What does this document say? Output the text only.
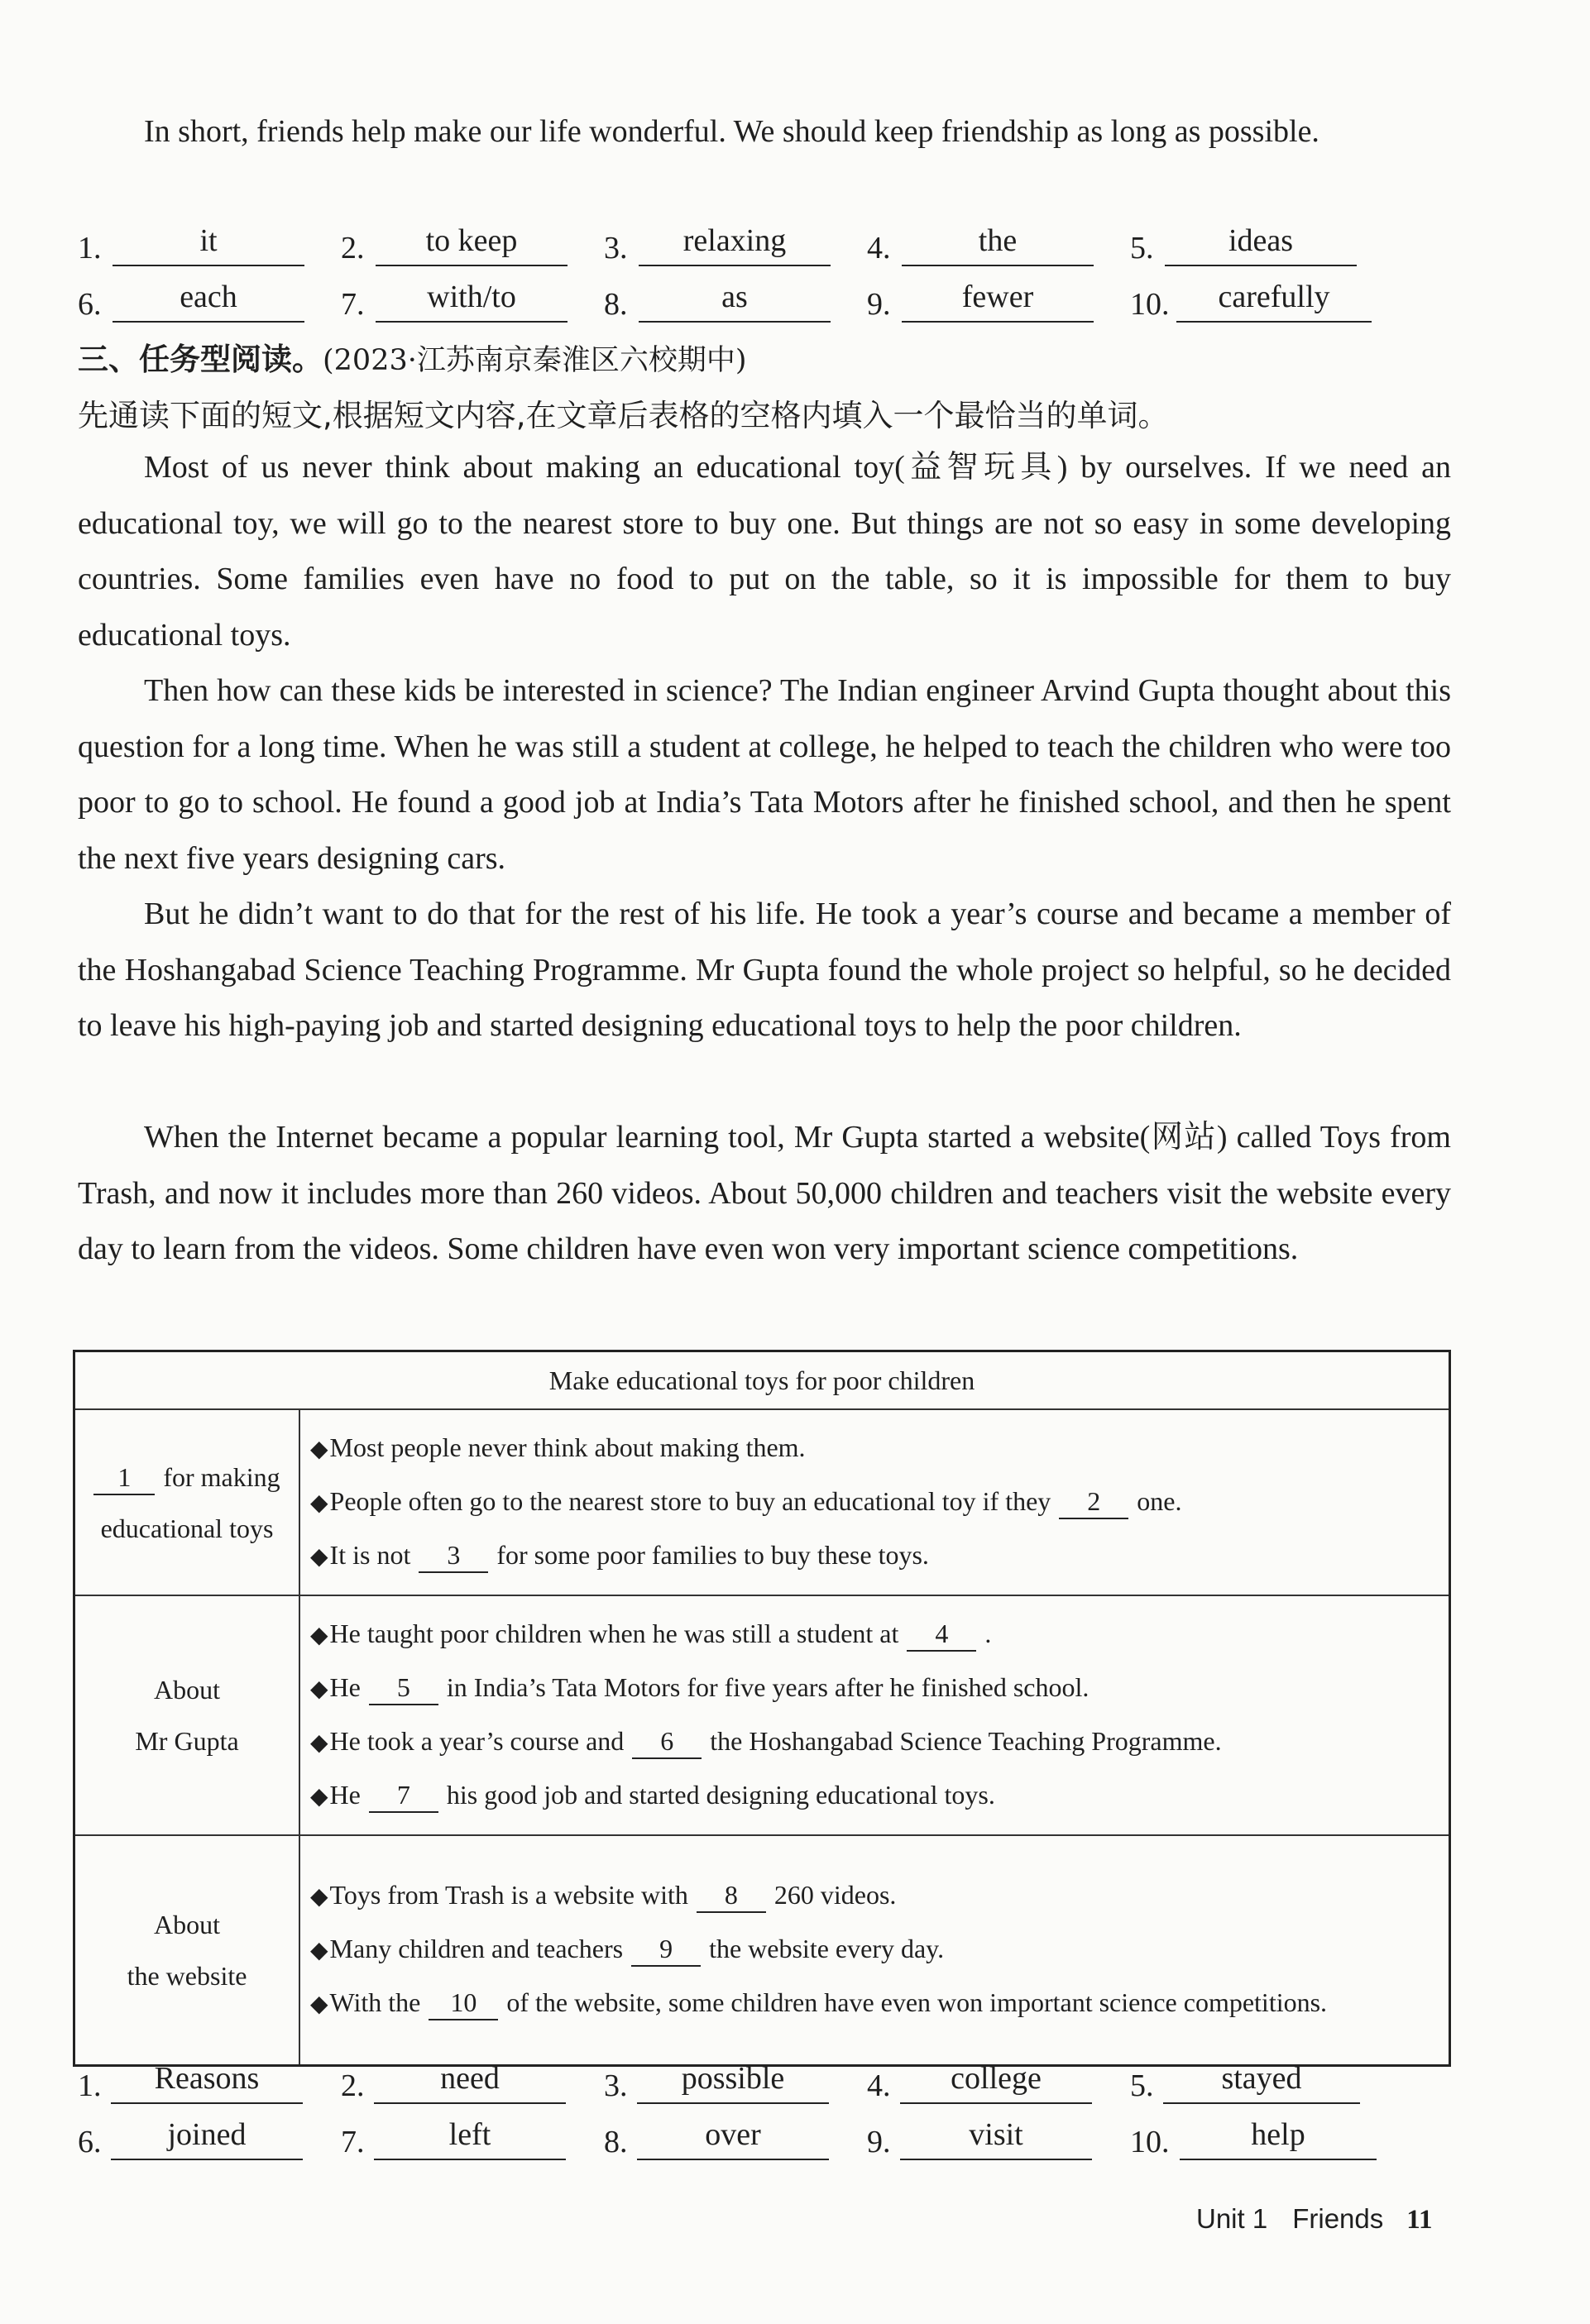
In short, friends help make our life wonderful. We should keep friendship as long as possible.

1.	it	2.	to keep	3.	relaxing	4.	the	5.	ideas
6.	each	7.	with/to	8.	as	9.	fewer	10.	carefully
三、任务型阅读。(2023·江苏南京秦淮区六校期中)
先通读下面的短文,根据短文内容,在文章后表格的空格内填入一个最恰当的单词。

Most of us never think about making an educational toy(益智玩具) by ourselves. If we need an educational toy, we will go to the nearest store to buy one. But things are not so easy in some developing countries. Some families even have no food to put on the table, so it is impossible for them to buy educational toys.

Then how can these kids be interested in science? The Indian engineer Arvind Gupta thought about this question for a long time. When he was still a student at college, he helped to teach the children who were too poor to go to school. He found a good job at India’s Tata Motors after he finished school, and then he spent the next five years designing cars.

But he didn’t want to do that for the rest of his life. He took a year’s course and became a member of the Hoshangabad Science Teaching Programme. Mr Gupta found the whole project so helpful, so he decided to leave his high-paying job and started designing educational toys to help the poor children.

When the Internet became a popular learning tool, Mr Gupta started a website(网站) called Toys from Trash, and now it includes more than 260 videos. About 50,000 children and teachers visit the website every day to learn from the videos. Some children have even won very important science competitions.

Make educational toys for poor children	

1 for making
educational toys	◆Most people never think about making them.
◆People often go to the nearest store to buy an educational toy if they 2 one.
◆It is not 3 for some poor families to buy these toys.

About
Mr Gupta	◆He taught poor children when he was still a student at 4 .
◆He 5 in India’s Tata Motors for five years after he finished school.
◆He took a year’s course and 6 the Hoshangabad Science Teaching Programme.
◆He 7 his good job and started designing educational toys.

About
the website	◆Toys from Trash is a website with 8 260 videos.
◆Many children and teachers 9 the website every day.
◆With the 10 of the website, some children have even won important science competitions.
1.	Reasons	2.	need	3.	possible	4.	college	5.	stayed
6.	joined	7.	left	8.	over	9.	visit	10.	help
Unit 1 Friends 11
